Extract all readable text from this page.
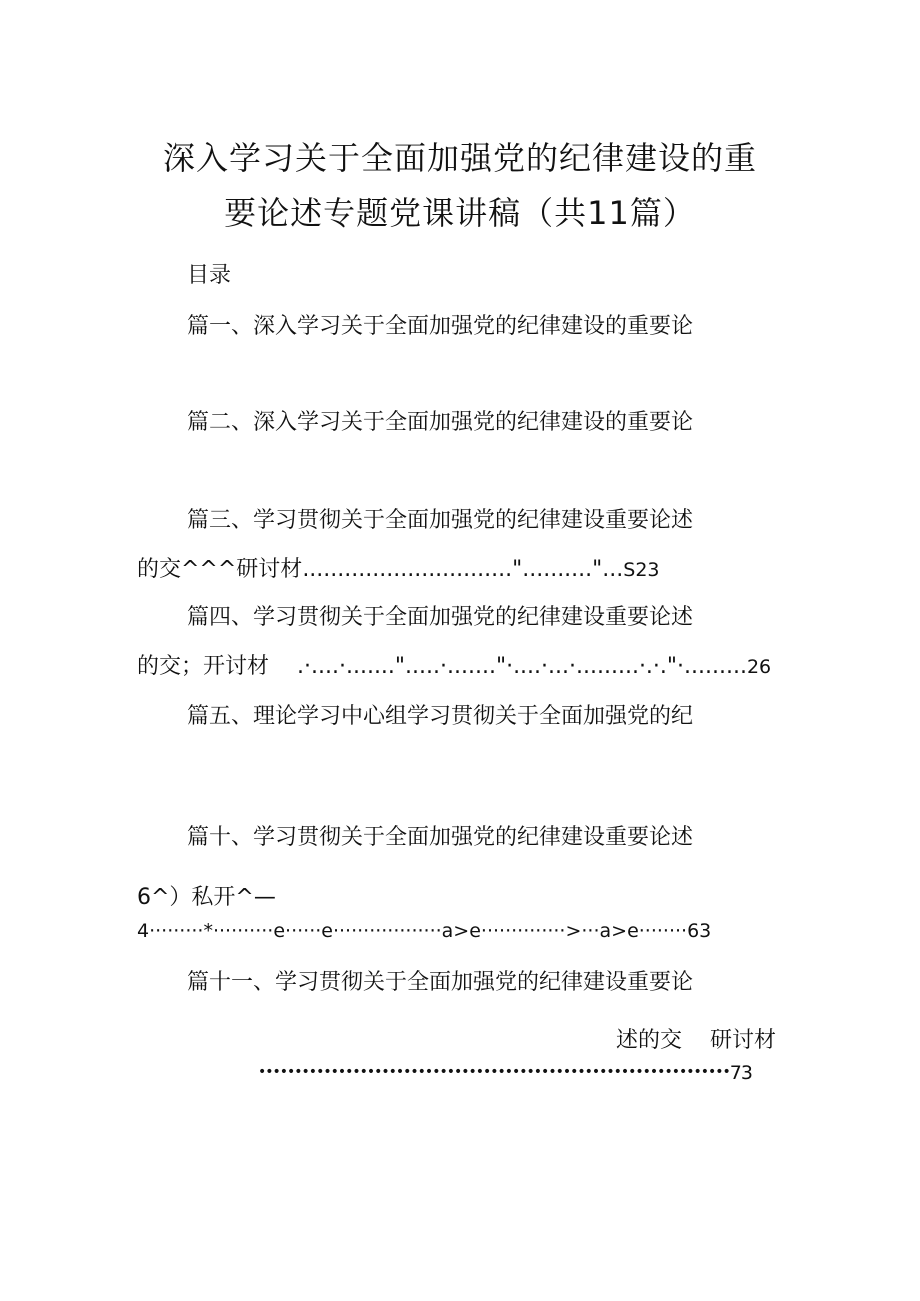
深入学习关于全面加强党的纪律建设的重
要论述专题党课讲稿（共11篇）
目录
篇一、深入学习关于全面加强党的纪律建设的重要论
篇二、深入学习关于全面加强党的纪律建设的重要论
篇三、学习贯彻关于全面加强党的纪律建设重要论述
的交^^^研讨材..............................".........."...S23
篇四、学习贯彻关于全面加强党的纪律建设重要论述
的交；开讨材 .·....·.......".....·......."·....·...·.........·.·."·.........26
篇五、理论学习中心组学习贯彻关于全面加强党的纪
篇十、学习贯彻关于全面加强党的纪律建设重要论述
6^）私开^—
4·········*··········e······e··················a>e··············>···a>e········63
篇十一、学习贯彻关于全面加强党的纪律建设重要论
述的交 研讨材
•••••••••••••••••••••••••••••••••••••••••••••••••••••••••••••••••73
